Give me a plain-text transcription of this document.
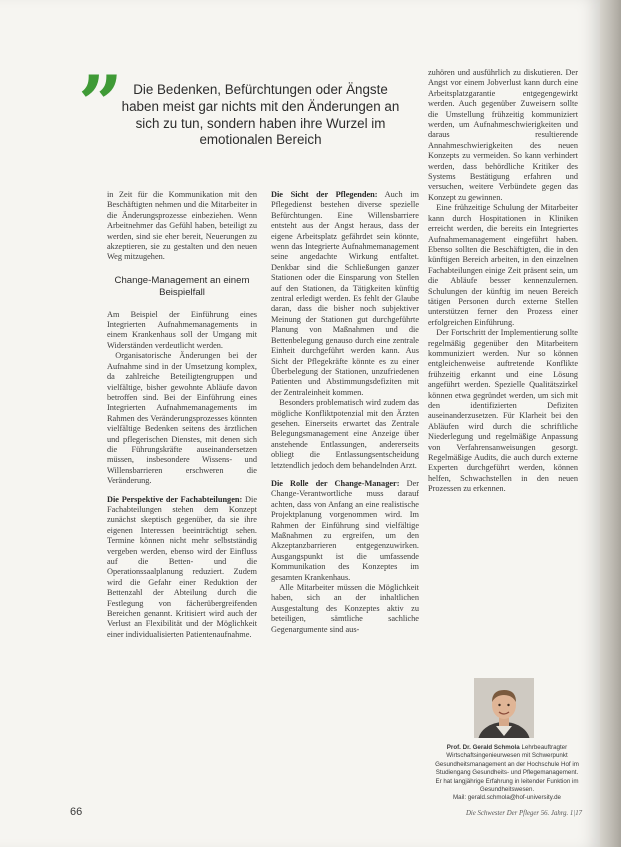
” Die Bedenken, Befürchtungen oder Ängste haben meist gar nichts mit den Änderungen an sich zu tun, sondern haben ihre Wurzel im emotionalen Bereich

in Zeit für die Kommunikation mit den Beschäftigten nehmen und die Mitarbeiter in die Änderungsprozesse einbeziehen. Wenn Arbeitnehmer das Gefühl haben, beteiligt zu werden, sind sie eher bereit, Neuerungen zu akzeptieren, sie zu gestalten und den neuen Weg mitzugehen.

Change-Management an einem Beispielfall

Am Beispiel der Einführung eines Integrierten Aufnahmemanagements in einem Krankenhaus soll der Umgang mit Widerständen verdeutlicht werden.

Organisatorische Änderungen bei der Aufnahme sind in der Umsetzung komplex, da zahlreiche Beteiligtengruppen und vielfältige, bisher gewohnte Abläufe davon betroffen sind. Bei der Einführung eines Integrierten Aufnahmemanagements im Rahmen des Veränderungsprozesses könnten vielfältige Bedenken seitens des ärztlichen und pflegerischen Dienstes, mit denen sich die Führungskräfte auseinandersetzen müssen, insbesondere Wissens- und Willensbarrieren erschweren die Veränderung.

Die Perspektive der Fachabteilungen: Die Fachabteilungen stehen dem Konzept zunächst skeptisch gegenüber, da sie ihre eigenen Interessen beeinträchtigt sehen. Termine können nicht mehr selbstständig vergeben werden, ebenso wird der Einfluss auf die Betten- und die Operationssaalplanung reduziert. Zudem wird die Gefahr einer Reduktion der Bettenzahl der Abteilung durch die Festlegung von fächerübergreifenden Bereichen genannt. Kritisiert wird auch der Verlust an Flexibilität und der Möglichkeit einer individualisierten Patientenaufnahme.

Die Sicht der Pflegenden: Auch im Pflegedienst bestehen diverse spezielle Befürchtungen. Eine Willensbarriere entsteht aus der Angst heraus, dass der eigene Arbeitsplatz gefährdet sein könnte, wenn das Integrierte Aufnahmemanagement seine angedachte Wirkung entfaltet. Denkbar sind die Schließungen ganzer Stationen oder die Einsparung von Stellen auf den Stationen, da Tätigkeiten künftig zentral erledigt werden. Es fehlt der Glaube daran, dass die bisher noch subjektiver Meinung der Stationen gut durchgeführte Planung von Maßnahmen und die Bettenbelegung genauso durch eine zentrale Einheit durchgeführt werden kann. Aus Sicht der Pflegekräfte könnte es zu einer Überbelegung der Stationen, unzufriedenen Patienten und Abstimmungsdefiziten mit der Zentraleinheit kommen.

Besonders problematisch wird zudem das mögliche Konfliktpotenzial mit den Ärzten gesehen. Einerseits erwartet das Zentrale Belegungsmanagement eine Anzeige über anstehende Entlassungen, andererseits obliegt die Entlassungsentscheidung letztendlich jedoch dem behandelnden Arzt.

Die Rolle der Change-Manager: Der Change-Verantwortliche muss darauf achten, dass von Anfang an eine realistische Projektplanung vorgenommen wird. Im Rahmen der Einführung sind vielfältige Maßnahmen zu ergreifen, um den Akzeptanzbarrieren entgegenzuwirken. Ausgangspunkt ist die umfassende Kommunikation des Konzeptes im gesamten Krankenhaus.

Alle Mitarbeiter müssen die Möglichkeit haben, sich an der inhaltlichen Ausgestaltung des Konzeptes aktiv zu beteiligen, sämtliche sachliche Gegenargumente sind aus-

zuhören und ausführlich zu diskutieren. Der Angst vor einem Jobverlust kann durch eine Arbeitsplatzgarantie entgegengewirkt werden. Auch gegenüber Zuweisern sollte die Umstellung frühzeitig kommuniziert werden, um Aufnahmeschwierigkeiten und daraus resultierende Annahmeschwierigkeiten des neuen Konzepts zu vermeiden. So kann verhindert werden, dass behördliche Kritiker des Systems Bestätigung erfahren und versuchen, weitere Verbündete gegen das Konzept zu gewinnen.

Eine frühzeitige Schulung der Mitarbeiter kann durch Hospitationen in Kliniken erreicht werden, die bereits ein Integriertes Aufnahmemanagement eingeführt haben. Ebenso sollten die Beschäftigten, die in den künftigen Bereich arbeiten, in den einzelnen Fachabteilungen einige Zeit präsent sein, um die Abläufe besser kennenzulernen. Schulungen der künftig im neuen Bereich tätigen Personen durch externe Stellen unterstützen ferner den Prozess einer erfolgreichen Einführung.

Der Fortschritt der Implementierung sollte regelmäßig gegenüber den Mitarbeitern kommuniziert werden. Nur so können entgleichenweise auftretende Konflikte frühzeitig erkannt und eine Lösung angeführt werden. Spezielle Qualitätszirkel können etwa gegründet werden, um sich mit den identifizierten Defiziten auseinanderzusetzen. Für Klarheit bei den Abläufen wird durch die schriftliche Niederlegung und regelmäßige Anpassung von Verfahrensanweisungen gesorgt. Regelmäßige Audits, die auch durch externe Experten durchgeführt werden, können helfen, Schwachstellen in den neuen Prozessen zu erkennen.

Prof. Dr. Gerald Schmola Lehrbeauftragter Wirtschaftsingenieurwesen mit Schwerpunkt Gesundheitsmanagement an der Hochschule Hof im Studiengang Gesundheits- und Pflegemanagement. Er hat langjährige Erfahrung in leitender Funktion im Gesundheitswesen.
Mail: gerald.schmola@hof-university.de

66	Die Schwester Der Pfleger 56. Jahrg. 1|17
